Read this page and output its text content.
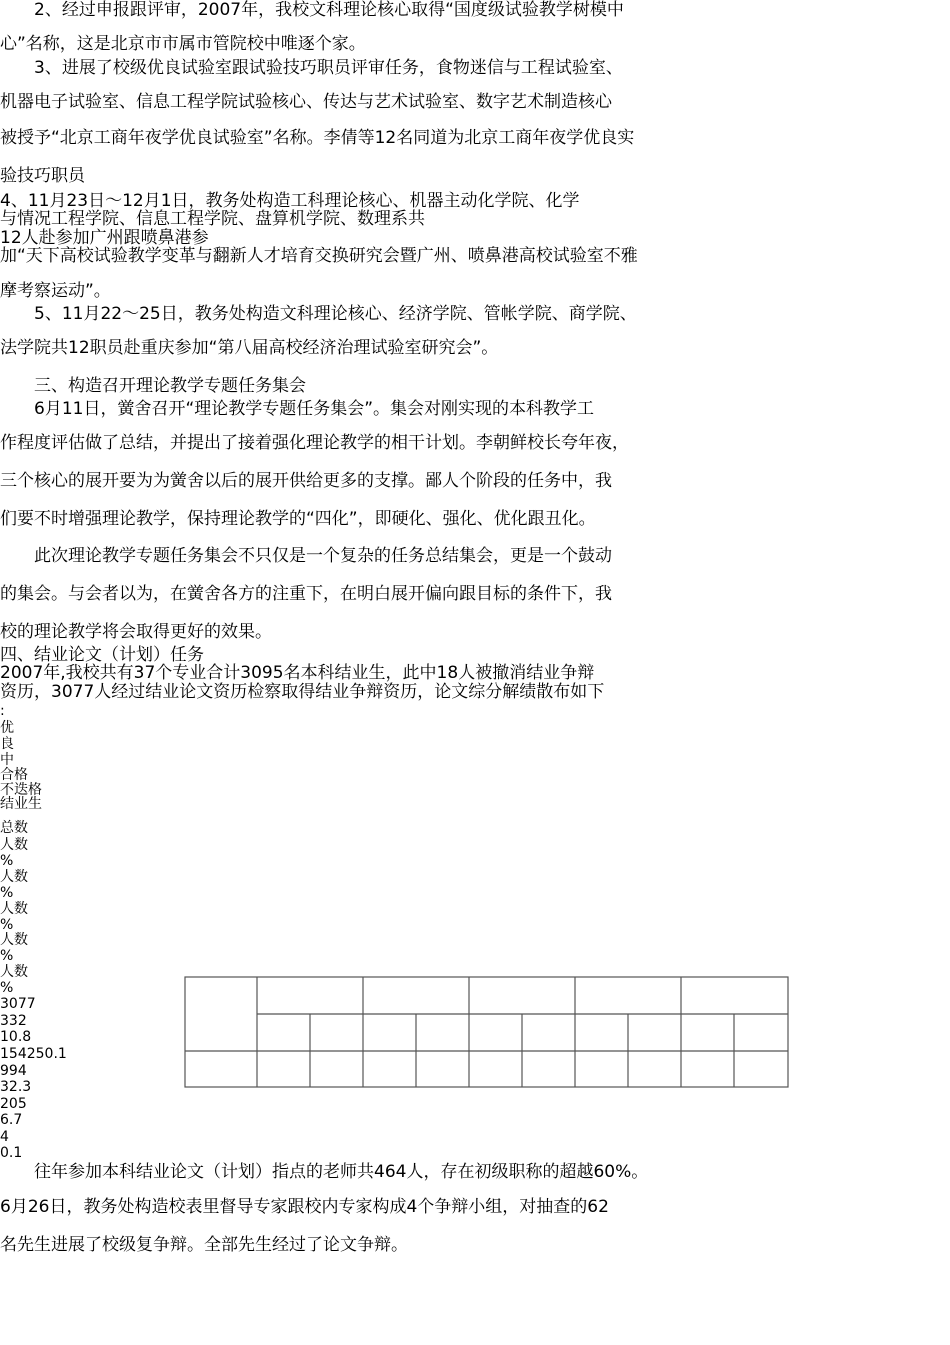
　　2、经过申报跟评审，2007年，我校文科理论核心取得“国度级试验教学树模中
心”名称，这是北京市市属市管院校中唯逐个家。
　　3、进展了校级优良试验室跟试验技巧职员评审任务，食物迷信与工程试验室、
机器电子试验室、信息工程学院试验核心、传达与艺术试验室、数字艺术制造核心
被授予“北京工商年夜学优良试验室”名称。李倩等12名同道为北京工商年夜学优良实
验技巧职员
4、11月23日～12月1日，教务处构造工科理论核心、机器主动化学院、化学
与情况工程学院、信息工程学院、盘算机学院、数理系共
12人赴参加广州跟喷鼻港参
加“天下高校试验教学变革与翻新人才培育交换研究会暨广州、喷鼻港高校试验室不雅
摩考察运动”。
　　5、11月22～25日，教务处构造文科理论核心、经济学院、管帐学院、商学院、
法学院共12职员赴重庆参加“第八届高校经济治理试验室研究会”。
　　三、构造召开理论教学专题任务集会
　　6月11日，黉舍召开“理论教学专题任务集会”。集会对刚实现的本科教学工
作程度评估做了总结，并提出了接着强化理论教学的相干计划。李朝鲜校长夸年夜，
三个核心的展开要为为黉舍以后的展开供给更多的支撑。鄙人个阶段的任务中，我
们要不时增强理论教学，保持理论教学的“四化”，即硬化、强化、优化跟丑化。
　　此次理论教学专题任务集会不只仅是一个复杂的任务总结集会，更是一个鼓动
的集会。与会者以为，在黉舍各方的注重下，在明白展开偏向跟目标的条件下，我
校的理论教学将会取得更好的效果。
四、结业论文（计划）任务
2007年,我校共有37个专业合计3095名本科结业生，此中18人被撤消结业争辩
资历，3077人经过结业论文资历检察取得结业争辩资历，论文综分解绩散布如下
:
优
良
中
合格
不迭格
结业生
总数
人数
%
人数
%
人数
%
人数
%
人数
%
3077
332
10.8
154250.1
994
32.3
205
6.7
4
0.1
　　往年参加本科结业论文（计划）指点的老师共464人，存在初级职称的超越60%。
6月26日，教务处构造校表里督导专家跟校内专家构成4个争辩小组，对抽查的62
名先生进展了校级复争辩。全部先生经过了论文争辩。
